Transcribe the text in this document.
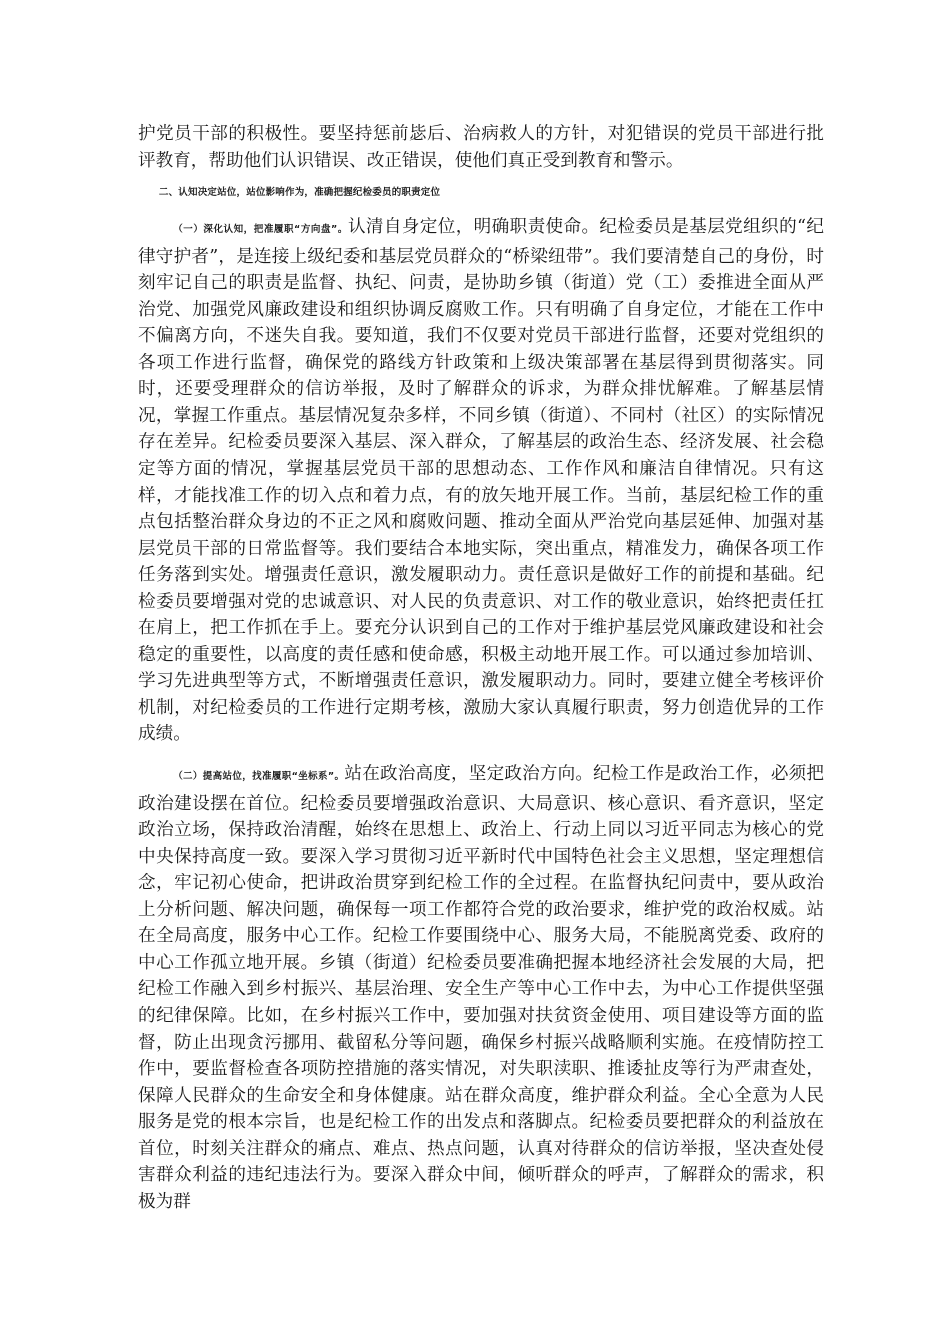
护党员干部的积极性。要坚持惩前毖后、治病救人的方针，对犯错误的党员干部进行批评教育，帮助他们认识错误、改正错误，使他们真正受到教育和警示。

二、认知决定站位，站位影响作为，准确把握纪检委员的职责定位

（一）深化认知，把准履职“方向盘”。认清自身定位，明确职责使命。纪检委员是基层党组织的“纪律守护者”，是连接上级纪委和基层党员群众的“桥梁纽带”。我们要清楚自己的身份，时刻牢记自己的职责是监督、执纪、问责，是协助乡镇（街道）党（工）委推进全面从严治党、加强党风廉政建设和组织协调反腐败工作。只有明确了自身定位，才能在工作中不偏离方向，不迷失自我。要知道，我们不仅要对党员干部进行监督，还要对党组织的各项工作进行监督，确保党的路线方针政策和上级决策部署在基层得到贯彻落实。同时，还要受理群众的信访举报，及时了解群众的诉求，为群众排忧解难。了解基层情况，掌握工作重点。基层情况复杂多样，不同乡镇（街道）、不同村（社区）的实际情况存在差异。纪检委员要深入基层、深入群众，了解基层的政治生态、经济发展、社会稳定等方面的情况，掌握基层党员干部的思想动态、工作作风和廉洁自律情况。只有这样，才能找准工作的切入点和着力点，有的放矢地开展工作。当前，基层纪检工作的重点包括整治群众身边的不正之风和腐败问题、推动全面从严治党向基层延伸、加强对基层党员干部的日常监督等。我们要结合本地实际，突出重点，精准发力，确保各项工作任务落到实处。增强责任意识，激发履职动力。责任意识是做好工作的前提和基础。纪检委员要增强对党的忠诚意识、对人民的负责意识、对工作的敬业意识，始终把责任扛在肩上，把工作抓在手上。要充分认识到自己的工作对于维护基层党风廉政建设和社会稳定的重要性，以高度的责任感和使命感，积极主动地开展工作。可以通过参加培训、学习先进典型等方式，不断增强责任意识，激发履职动力。同时，要建立健全考核评价机制，对纪检委员的工作进行定期考核，激励大家认真履行职责，努力创造优异的工作成绩。

（二）提高站位，找准履职“坐标系”。站在政治高度，坚定政治方向。纪检工作是政治工作，必须把政治建设摆在首位。纪检委员要增强政治意识、大局意识、核心意识、看齐意识，坚定政治立场，保持政治清醒，始终在思想上、政治上、行动上同以习近平同志为核心的党中央保持高度一致。要深入学习贯彻习近平新时代中国特色社会主义思想，坚定理想信念，牢记初心使命，把讲政治贯穿到纪检工作的全过程。在监督执纪问责中，要从政治上分析问题、解决问题，确保每一项工作都符合党的政治要求，维护党的政治权威。站在全局高度，服务中心工作。纪检工作要围绕中心、服务大局，不能脱离党委、政府的中心工作孤立地开展。乡镇（街道）纪检委员要准确把握本地经济社会发展的大局，把纪检工作融入到乡村振兴、基层治理、安全生产等中心工作中去，为中心工作提供坚强的纪律保障。比如，在乡村振兴工作中，要加强对扶贫资金使用、项目建设等方面的监督，防止出现贪污挪用、截留私分等问题，确保乡村振兴战略顺利实施。在疫情防控工作中，要监督检查各项防控措施的落实情况，对失职渎职、推诿扯皮等行为严肃查处，保障人民群众的生命安全和身体健康。站在群众高度，维护群众利益。全心全意为人民服务是党的根本宗旨，也是纪检工作的出发点和落脚点。纪检委员要把群众的利益放在首位，时刻关注群众的痛点、难点、热点问题，认真对待群众的信访举报，坚决查处侵害群众利益的违纪违法行为。要深入群众中间，倾听群众的呼声，了解群众的需求，积极为群
